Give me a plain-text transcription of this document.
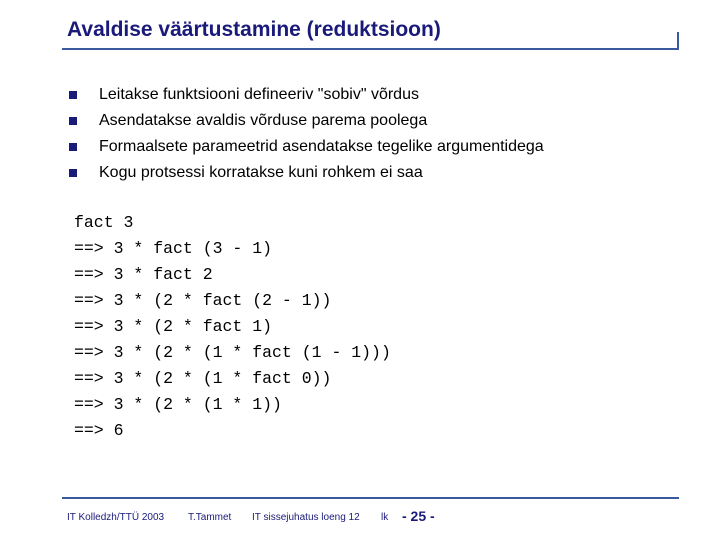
Avaldise väärtustamine (reduktsioon)
Leitakse funktsiooni defineeriv "sobiv" võrdus
Asendatakse avaldis võrduse parema poolega
Formaalsete parameetrid asendatakse tegelike argumentidega
Kogu protsessi korratakse kuni rohkem ei saa
fact 3
==> 3 * fact (3 - 1)
==> 3 * fact 2
==> 3 * (2 * fact (2 - 1))
==> 3 * (2 * fact 1)
==> 3 * (2 * (1 * fact (1 - 1)))
==> 3 * (2 * (1 * fact 0))
==> 3 * (2 * (1 * 1))
==> 6
IT Kolledzh/TTÜ 2003 T.Tammet IT sissejuhatus loeng 12 lk - 25 -
